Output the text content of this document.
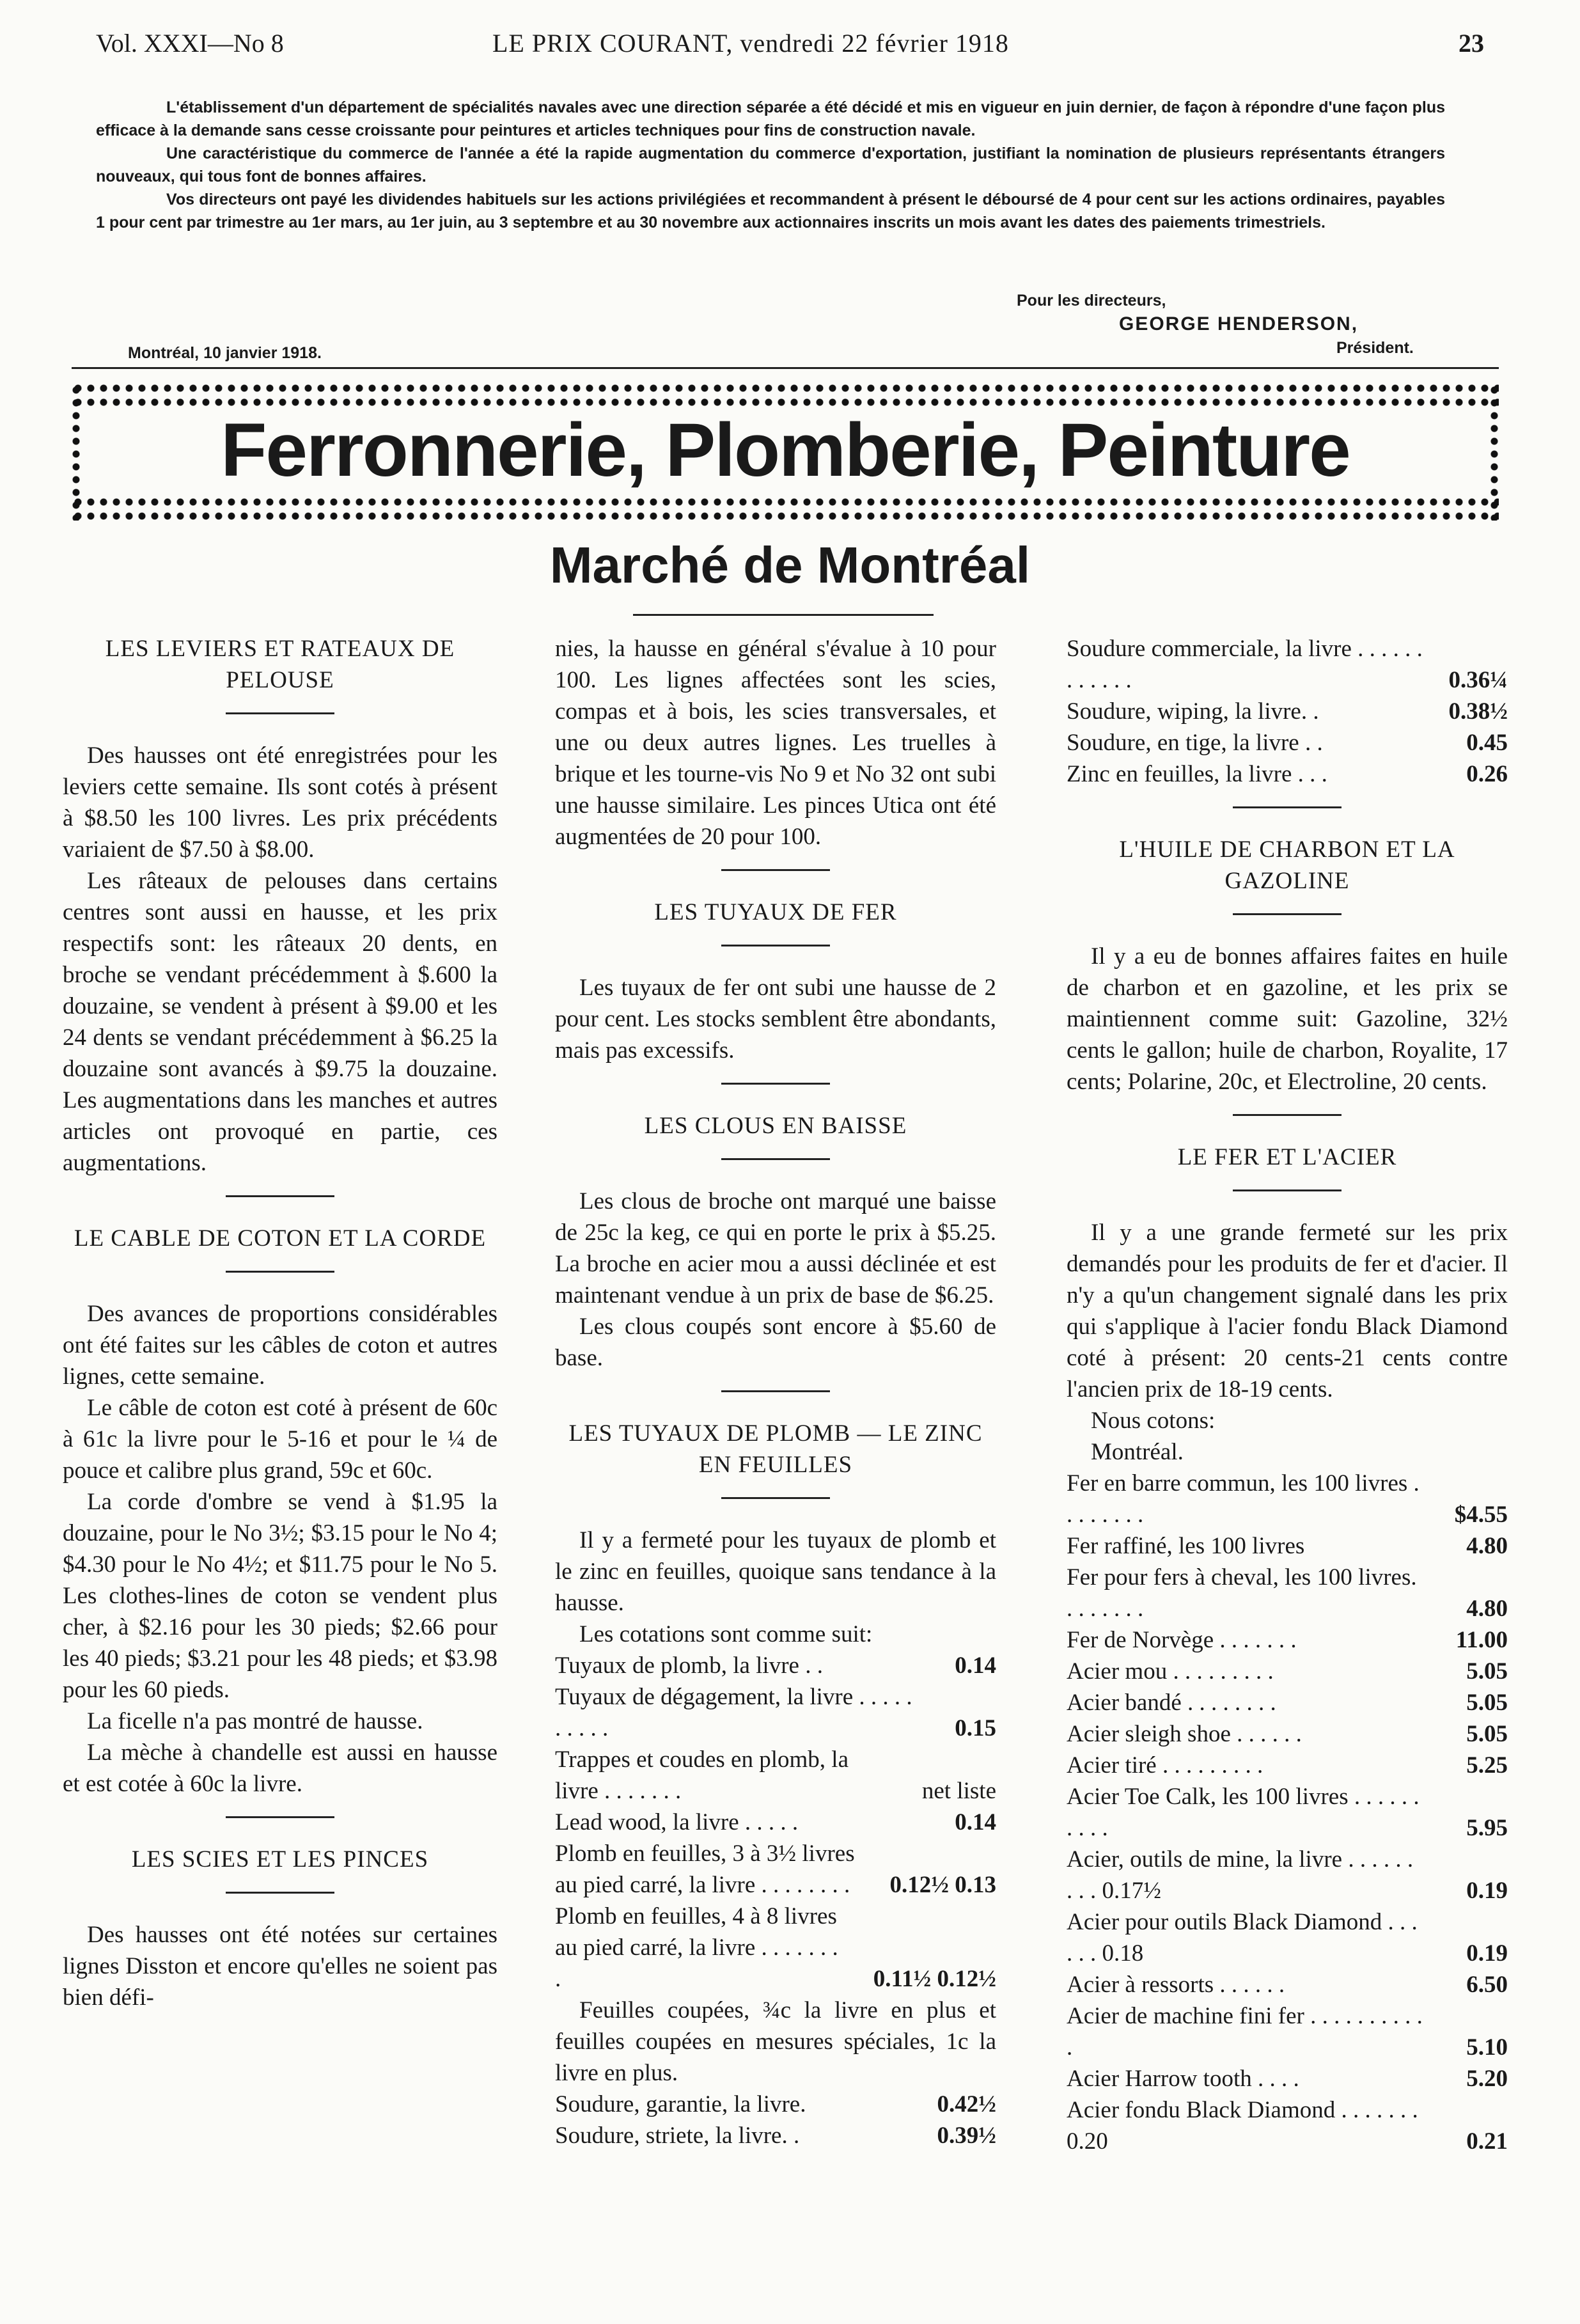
Vol. XXXI—No 8	LE PRIX COURANT, vendredi 22 février 1918	23

L'établissement d'un département de spécialités navales avec une direction séparée a été décidé et mis en vigueur en juin dernier, de façon à répondre d'une façon plus efficace à la demande sans cesse croissante pour peintures et articles techniques pour fins de construction navale.

Une caractéristique du commerce de l'année a été la rapide augmentation du commerce d'exportation, justifiant la nomination de plusieurs représentants étrangers nouveaux, qui tous font de bonnes affaires.

Vos directeurs ont payé les dividendes habituels sur les actions privilégiées et recommandent à présent le déboursé de 4 pour cent sur les actions ordinaires, payables 1 pour cent par trimestre au 1er mars, au 1er juin, au 3 septembre et au 30 novembre aux actionnaires inscrits un mois avant les dates des paiements trimestriels.

Pour les directeurs,
GEORGE HENDERSON,
Montréal, 10 janvier 1918.	Président.
Ferronnerie, Plomberie, Peinture
Marché de Montréal

LES LEVIERS ET RATEAUX DE PELOUSE

Des hausses ont été enregistrées pour les leviers cette semaine. Ils sont cotés à présent à $8.50 les 100 livres. Les prix précédents variaient de $7.50 à $8.00.

Les râteaux de pelouses dans certains centres sont aussi en hausse, et les prix respectifs sont: les râteaux 20 dents, en broche se vendant précédemment à $.600 la douzaine, se vendent à présent à $9.00 et les 24 dents se vendant précédemment à $6.25 la douzaine sont avancés à $9.75 la douzaine. Les augmentations dans les manches et autres articles ont provoqué en partie, ces augmentations.

LE CABLE DE COTON ET LA CORDE

Des avances de proportions considérables ont été faites sur les câbles de coton et autres lignes, cette semaine.

Le câble de coton est coté à présent de 60c à 61c la livre pour le 5-16 et pour le ¼ de pouce et calibre plus grand, 59c et 60c.

La corde d'ombre se vend à $1.95 la douzaine, pour le No 3½; $3.15 pour le No 4; $4.30 pour le No 4½; et $11.75 pour le No 5. Les clothes-lines de coton se vendent plus cher, à $2.16 pour les 30 pieds; $2.66 pour les 40 pieds; $3.21 pour les 48 pieds; et $3.98 pour les 60 pieds.

La ficelle n'a pas montré de hausse.

La mèche à chandelle est aussi en hausse et est cotée à 60c la livre.

LES SCIES ET LES PINCES

Des hausses ont été notées sur certaines lignes Disston et encore qu'elles ne soient pas bien défi-

nies, la hausse en général s'évalue à 10 pour 100. Les lignes affectées sont les scies, compas et à bois, les scies transversales, et une ou deux autres lignes. Les truelles à brique et les tourne-vis No 9 et No 32 ont subi une hausse similaire. Les pinces Utica ont été augmentées de 20 pour 100.

LES TUYAUX DE FER

Les tuyaux de fer ont subi une hausse de 2 pour cent. Les stocks semblent être abondants, mais pas excessifs.

LES CLOUS EN BAISSE

Les clous de broche ont marqué une baisse de 25c la keg, ce qui en porte le prix à $5.25. La broche en acier mou a aussi déclinée et est maintenant vendue à un prix de base de $6.25.

Les clous coupés sont encore à $5.60 de base.

LES TUYAUX DE PLOMB — LE ZINC EN FEUILLES

Il y a fermeté pour les tuyaux de plomb et le zinc en feuilles, quoique sans tendance à la hausse.

Les cotations sont comme suit:

Tuyaux de plomb, la livre . .	0.14

Tuyaux de dégagement, la livre . . . . . . . . . .	0.15

Trappes et coudes en plomb, la livre . . . . . . .	net liste

Lead wood, la livre . . . . .	0.14

Plomb en feuilles, 3 à 3½ livres au pied carré, la livre . . . . . . . .	0.12½ 0.13

Plomb en feuilles, 4 à 8 livres au pied carré, la livre . . . . . . . .	0.11½ 0.12½

Feuilles coupées, ¾c la livre en plus et feuilles coupées en mesures spéciales, 1c la livre en plus.

Soudure, garantie, la livre.	0.42½

Soudure, striete, la livre. .	0.39½

Soudure commerciale, la livre . . . . . . . . . . . .	0.36¼

Soudure, wiping, la livre. .	0.38½

Soudure, en tige, la livre . .	0.45

Zinc en feuilles, la livre . . .	0.26

L'HUILE DE CHARBON ET LA GAZOLINE

Il y a eu de bonnes affaires faites en huile de charbon et en gazoline, et les prix se maintiennent comme suit: Gazoline, 32½ cents le gallon; huile de charbon, Royalite, 17 cents; Polarine, 20c, et Electroline, 20 cents.

LE FER ET L'ACIER

Il y a une grande fermeté sur les prix demandés pour les produits de fer et d'acier. Il n'y a qu'un changement signalé dans les prix qui s'applique à l'acier fondu Black Diamond coté à présent: 20 cents-21 cents contre l'ancien prix de 18-19 cents.

Nous cotons:

Montréal.

Fer en barre commun, les 100 livres . . . . . . . .	$4.55

Fer raffiné, les 100 livres	4.80

Fer pour fers à cheval, les 100 livres. . . . . . . .	4.80

Fer de Norvège . . . . . . .	11.00

Acier mou . . . . . . . . .	5.05

Acier bandé . . . . . . . .	5.05

Acier sleigh shoe . . . . . .	5.05

Acier tiré . . . . . . . . .	5.25

Acier Toe Calk, les 100 livres . . . . . . . . . .	5.95

Acier, outils de mine, la livre . . . . . . . . . 0.17½	0.19

Acier pour outils Black Diamond . . . . . . 0.18	0.19

Acier à ressorts . . . . . .	6.50

Acier de machine fini fer . . . . . . . . . . .	5.10

Acier Harrow tooth . . . .	5.20

Acier fondu Black Diamond . . . . . . . 0.20	0.21
